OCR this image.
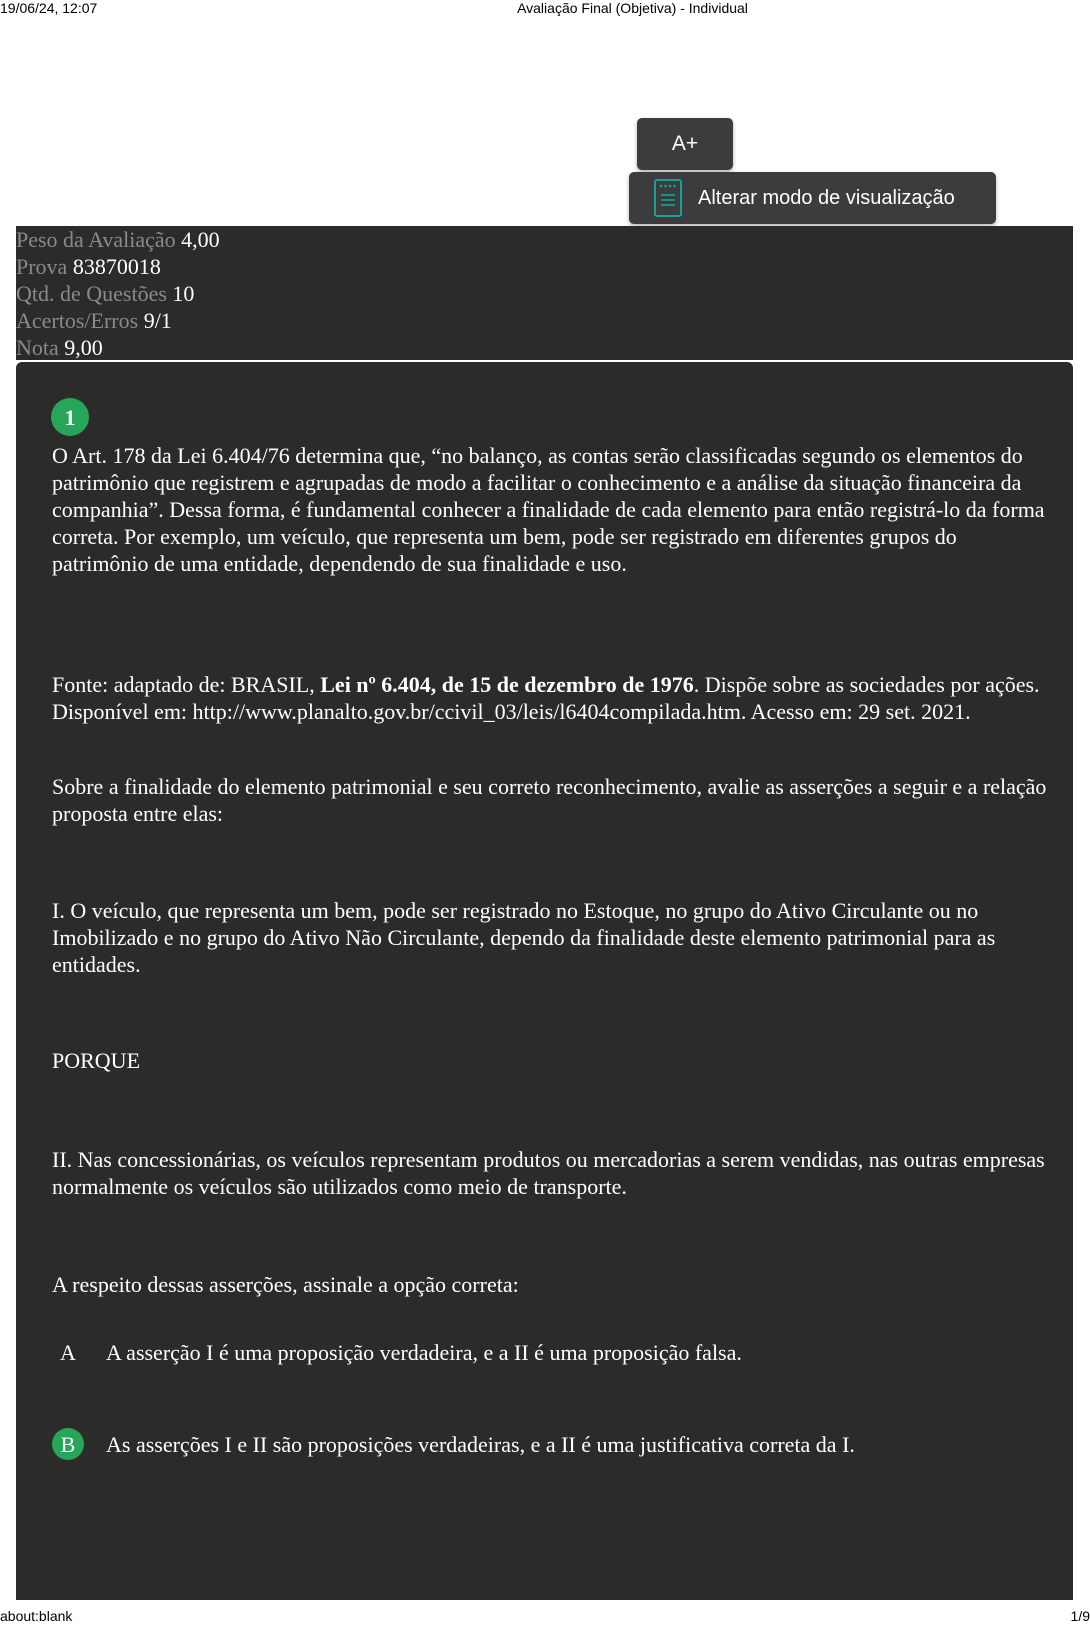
19/06/24, 12:07	Avaliação Final (Objetiva) - Individual
A+
Alterar modo de visualização
Peso da Avaliação 4,00
Prova 83870018
Qtd. de Questões 10
Acertos/Erros 9/1
Nota 9,00
1

O Art. 178 da Lei 6.404/76 determina que, “no balanço, as contas serão classificadas segundo os elementos do patrimônio que registrem e agrupadas de modo a facilitar o conhecimento e a análise da situação financeira da companhia”. Dessa forma, é fundamental conhecer a finalidade de cada elemento para então registrá-lo da forma correta. Por exemplo, um veículo, que representa um bem, pode ser registrado em diferentes grupos do patrimônio de uma entidade, dependendo de sua finalidade e uso.

Fonte: adaptado de: BRASIL, Lei nº 6.404, de 15 de dezembro de 1976. Dispõe sobre as sociedades por ações. Disponível em: http://www.planalto.gov.br/ccivil_03/leis/l6404compilada.htm. Acesso em: 29 set. 2021.

Sobre a finalidade do elemento patrimonial e seu correto reconhecimento, avalie as asserções a seguir e a relação proposta entre elas:

I. O veículo, que representa um bem, pode ser registrado no Estoque, no grupo do Ativo Circulante ou no Imobilizado e no grupo do Ativo Não Circulante, dependo da finalidade deste elemento patrimonial para as entidades.

PORQUE

II. Nas concessionárias, os veículos representam produtos ou mercadorias a serem vendidas, nas outras empresas normalmente os veículos são utilizados como meio de transporte.

A respeito dessas asserções, assinale a opção correta:

A	A asserção I é uma proposição verdadeira, e a II é uma proposição falsa.
B	As asserções I e II são proposições verdadeiras, e a II é uma justificativa correta da I.
about:blank	1/9
